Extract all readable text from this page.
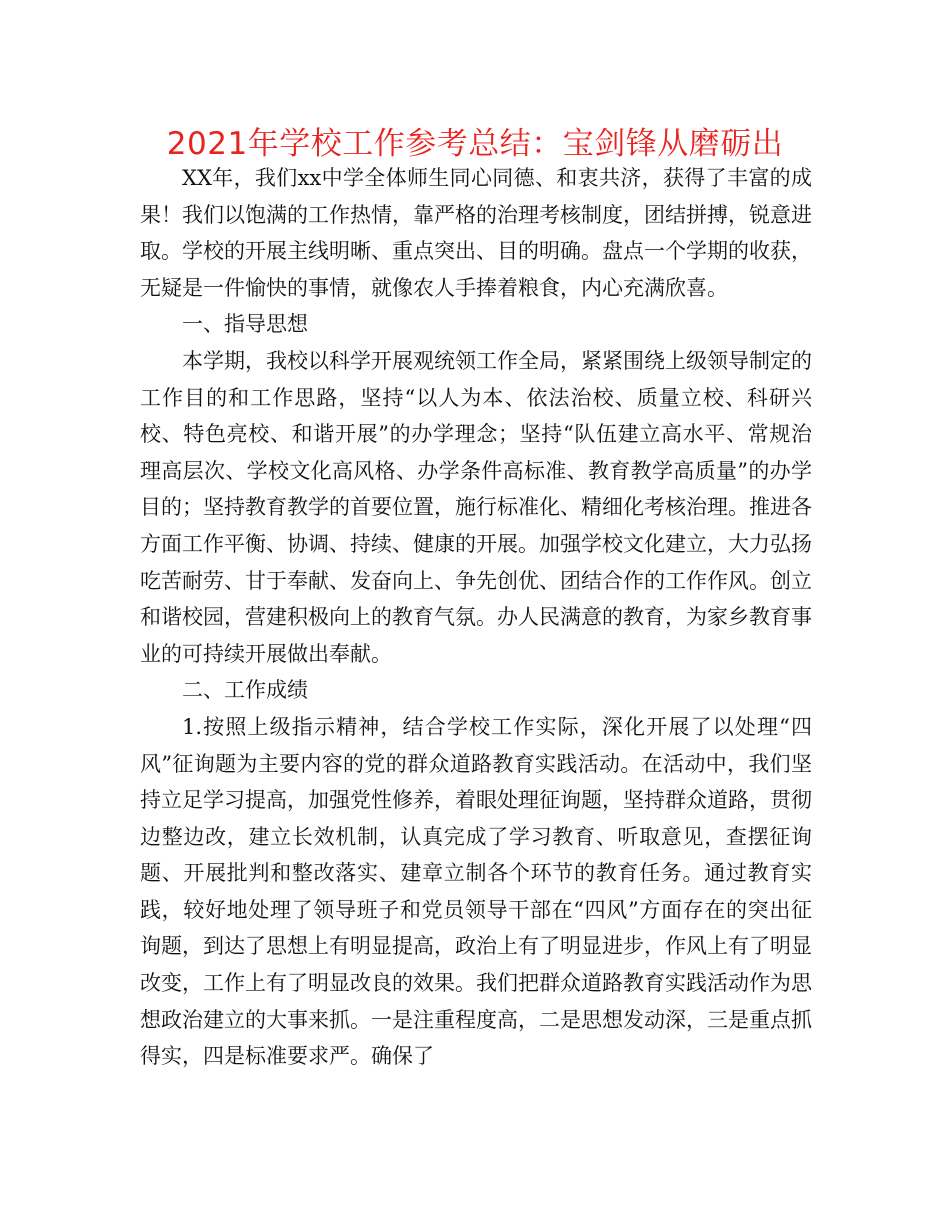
2021年学校工作参考总结：宝剑锋从磨砺出

XX年，我们xx中学全体师生同心同德、和衷共济，获得了丰富的成果！我们以饱满的工作热情，靠严格的治理考核制度，团结拼搏，锐意进取。学校的开展主线明晰、重点突出、目的明确。盘点一个学期的收获，无疑是一件愉快的事情，就像农人手捧着粮食，内心充满欣喜。

一、指导思想

本学期，我校以科学开展观统领工作全局，紧紧围绕上级领导制定的工作目的和工作思路，坚持“以人为本、依法治校、质量立校、科研兴校、特色亮校、和谐开展”的办学理念；坚持“队伍建立高水平、常规治理高层次、学校文化高风格、办学条件高标准、教育教学高质量”的办学目的；坚持教育教学的首要位置，施行标准化、精细化考核治理。推进各方面工作平衡、协调、持续、健康的开展。加强学校文化建立，大力弘扬吃苦耐劳、甘于奉献、发奋向上、争先创优、团结合作的工作作风。创立和谐校园，营建积极向上的教育气氛。办人民满意的教育，为家乡教育事业的可持续开展做出奉献。

二、工作成绩

1.按照上级指示精神，结合学校工作实际，深化开展了以处理“四风”征询题为主要内容的党的群众道路教育实践活动。在活动中，我们坚持立足学习提高，加强党性修养，着眼处理征询题，坚持群众道路，贯彻边整边改，建立长效机制，认真完成了学习教育、听取意见，查摆征询题、开展批判和整改落实、建章立制各个环节的教育任务。通过教育实践，较好地处理了领导班子和党员领导干部在“四风”方面存在的突出征询题，到达了思想上有明显提高，政治上有了明显进步，作风上有了明显改变，工作上有了明显改良的效果。我们把群众道路教育实践活动作为思想政治建立的大事来抓。一是注重程度高，二是思想发动深，三是重点抓得实，四是标准要求严。确保了
